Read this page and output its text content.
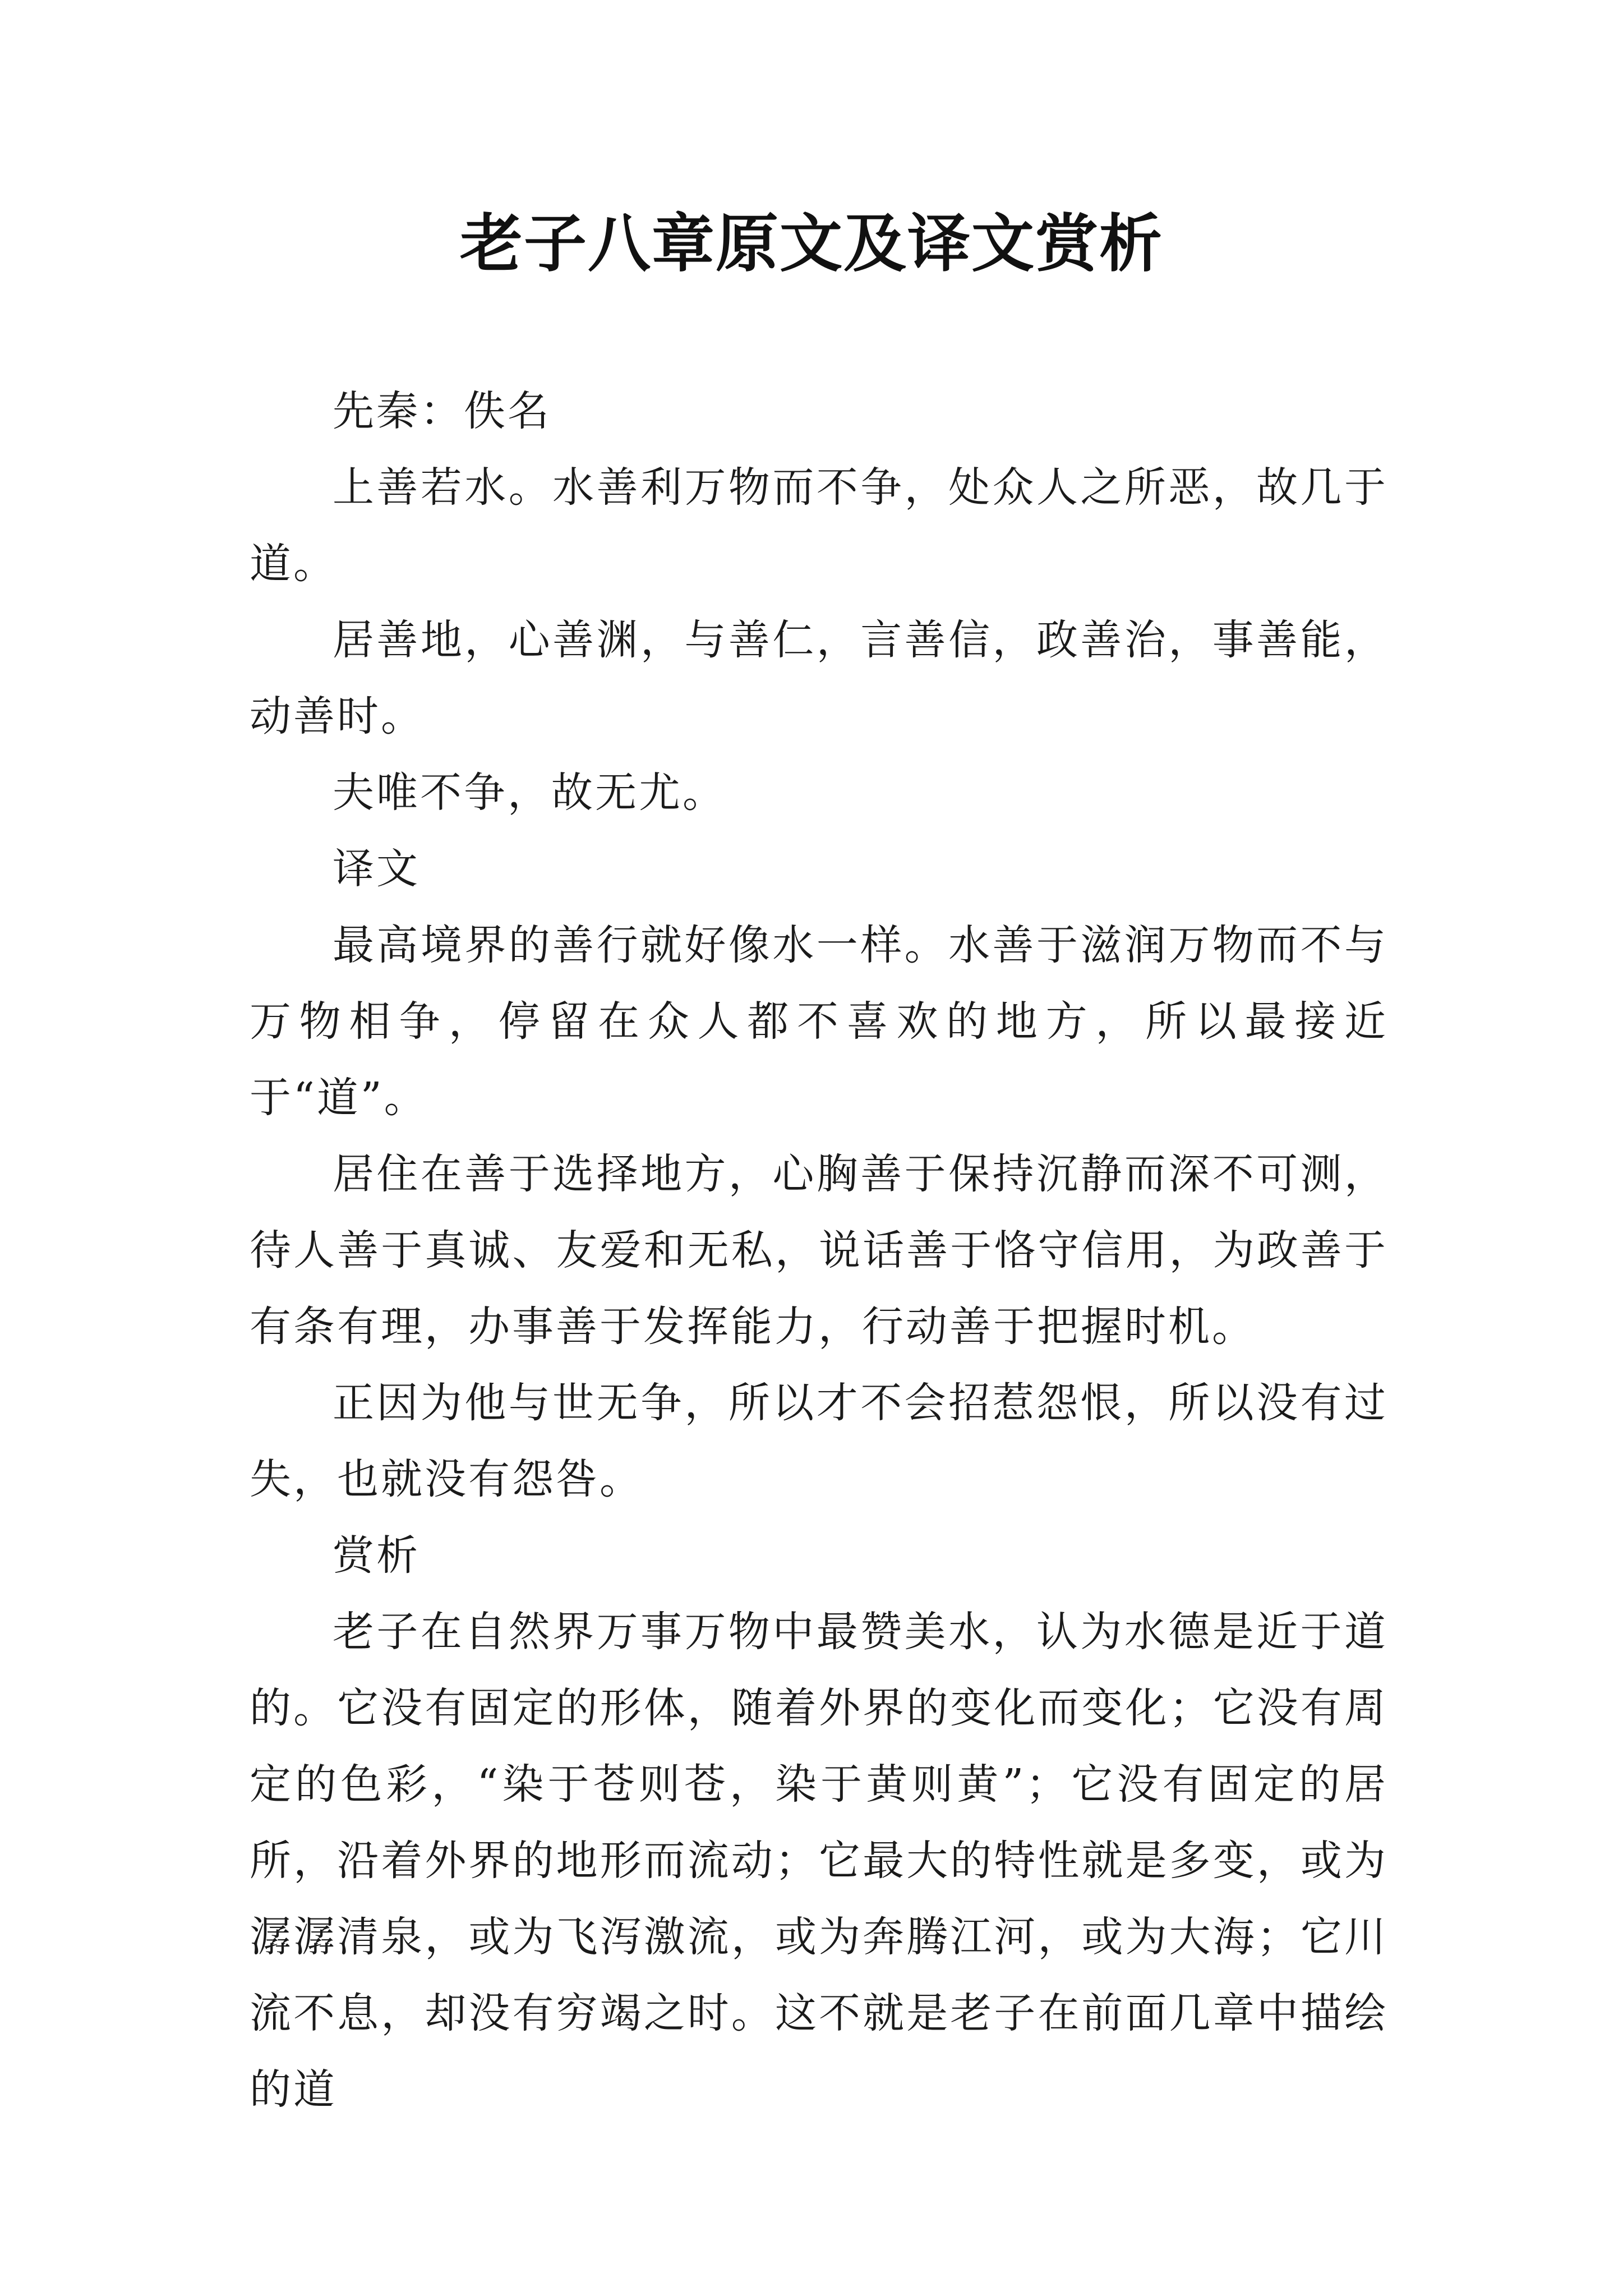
老子八章原文及译文赏析

先秦：佚名

上善若水。水善利万物而不争，处众人之所恶，故几于道。

居善地，心善渊，与善仁，言善信，政善治，事善能，动善时。

夫唯不争，故无尤。

译文

最高境界的善行就好像水一样。水善于滋润万物而不与万物相争，停留在众人都不喜欢的地方，所以最接近于“道”。

居住在善于选择地方，心胸善于保持沉静而深不可测，待人善于真诚、友爱和无私，说话善于恪守信用，为政善于有条有理，办事善于发挥能力，行动善于把握时机。

正因为他与世无争，所以才不会招惹怨恨，所以没有过失，也就没有怨咎。

赏析

老子在自然界万事万物中最赞美水，认为水德是近于道的。它没有固定的形体，随着外界的变化而变化；它没有周定的色彩，“染于苍则苍，染于黄则黄”；它没有固定的居所，沿着外界的地形而流动；它最大的特性就是多变，或为潺潺清泉，或为飞泻激流，或为奔腾江河，或为大海；它川流不息，却没有穷竭之时。这不就是老子在前面几章中描绘的道
